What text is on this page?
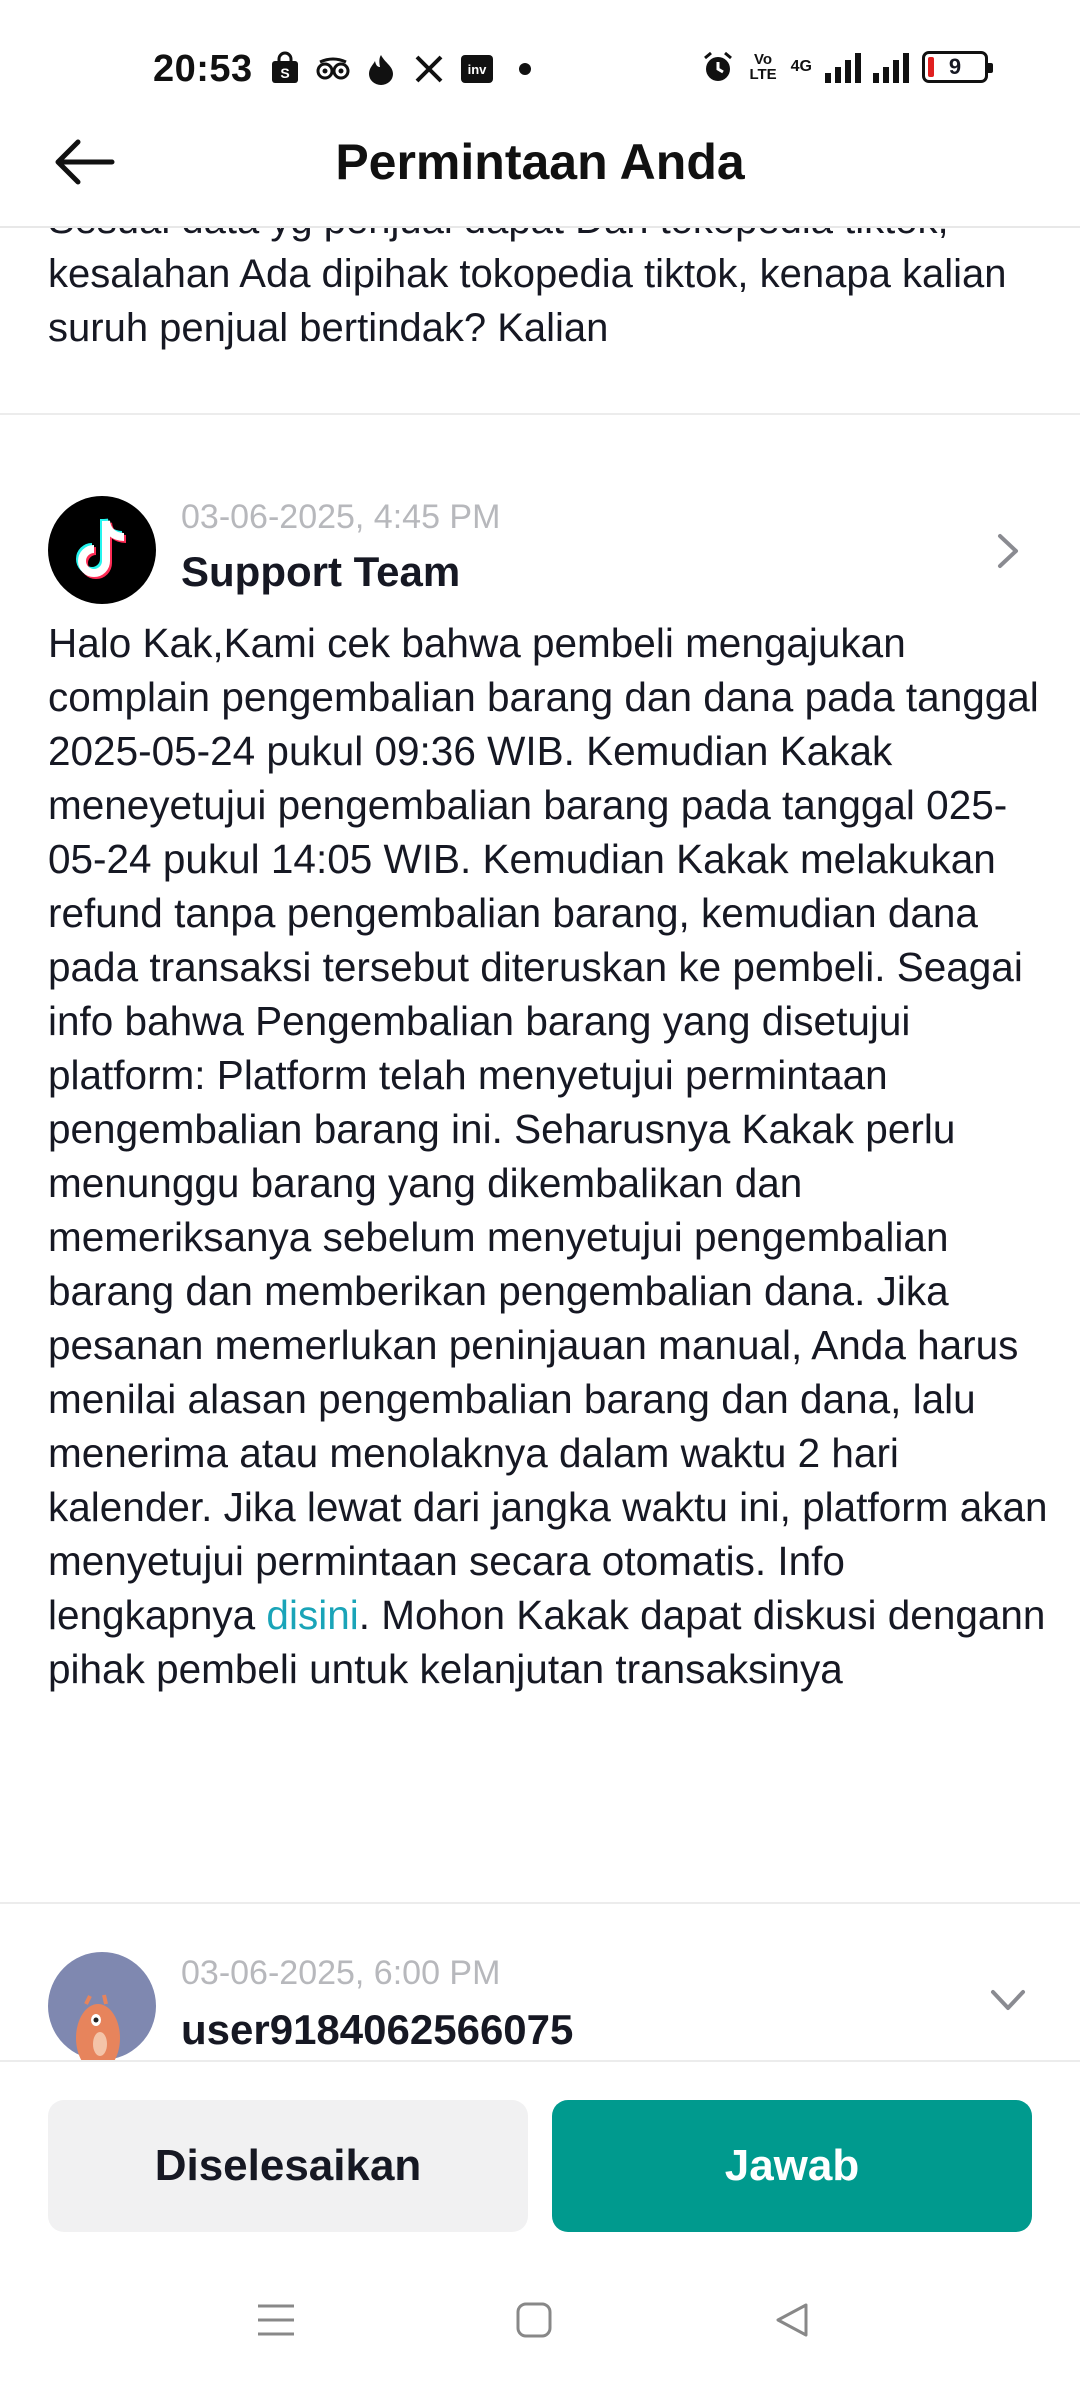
20:53 S	inv
Vo
LTE 4G	9
Permintaan Anda
kesalahan Ada dipihak tokopedia tiktok, kenapa kalian suruh penjual bertindak? Kalian
03-06-2025, 4:45 PM
Support Team
Halo Kak,Kami cek bahwa pembeli mengajukan complain pengembalian barang dan dana pada tanggal 2025-05-24 pukul 09:36 WIB. Kemudian Kakak meneyetujui pengembalian barang pada tanggal 025-05-24 pukul 14:05 WIB. Kemudian Kakak melakukan refund tanpa pengembalian barang, kemudian dana pada transaksi tersebut diteruskan ke pembeli. Seagai info bahwa Pengembalian barang yang disetujui platform: Platform telah menyetujui permintaan pengembalian barang ini. Seharusnya Kakak perlu menunggu barang yang dikembalikan dan memeriksanya sebelum menyetujui pengembalian barang dan memberikan pengembalian dana. Jika pesanan memerlukan peninjauan manual, Anda harus menilai alasan pengembalian barang dan dana, lalu menerima atau menolaknya dalam waktu 2 hari kalender. Jika lewat dari jangka waktu ini, platform akan menyetujui permintaan secara otomatis. Info lengkapnya disini. Mohon Kakak dapat diskusi dengann pihak pembeli untuk kelanjutan transaksinya
03-06-2025, 6:00 PM
user9184062566075
Diselesaikan	Jawab
